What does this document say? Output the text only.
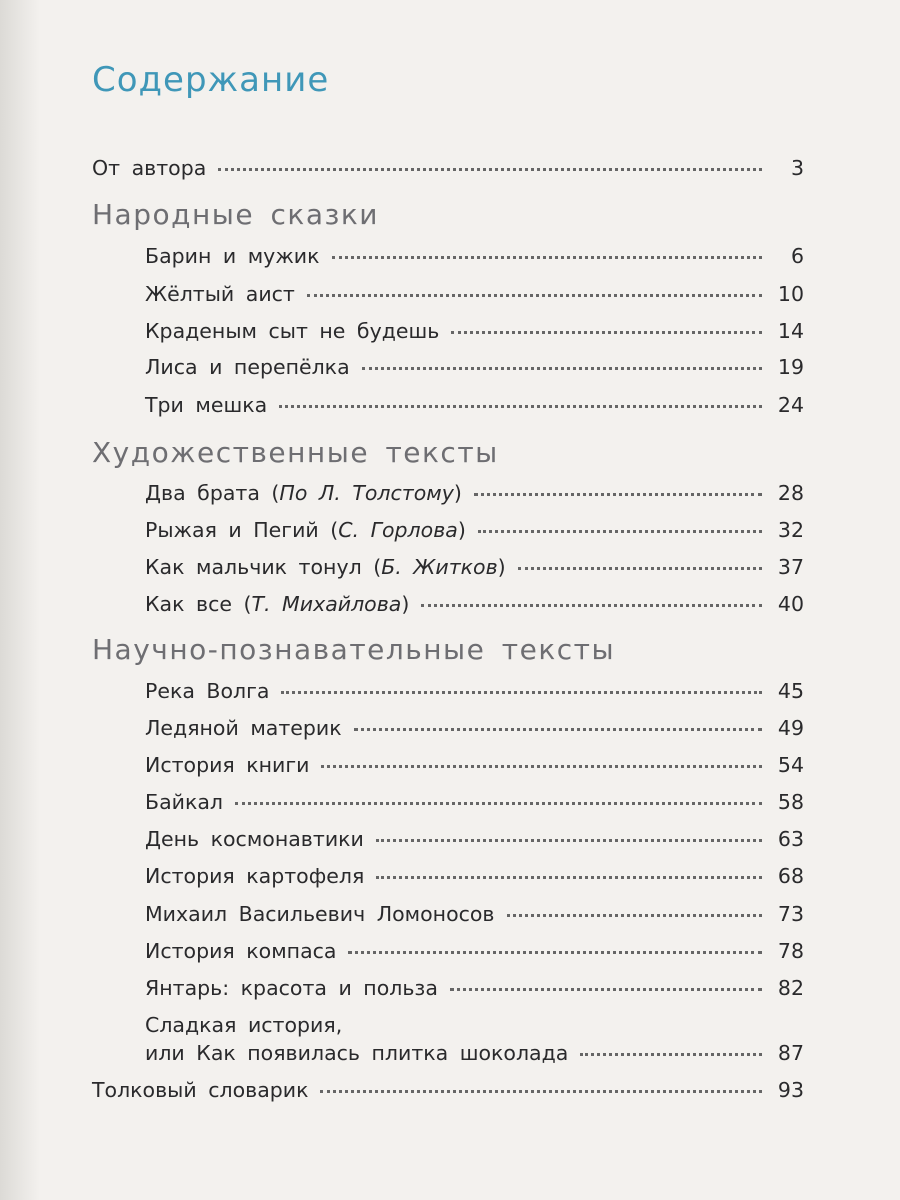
Содержание
От автора	3
Народные сказки
Барин и мужик	6
Жёлтый аист	10
Краденым сыт не будешь	14
Лиса и перепёлка	19
Три мешка	24
Художественные тексты
Два брата (По Л. Толстому)	28
Рыжая и Пегий (С. Горлова)	32
Как мальчик тонул (Б. Житков)	37
Как все (Т. Михайлова)	40
Научно-познавательные тексты
Река Волга	45
Ледяной материк	49
История книги	54
Байкал	58
День космонавтики	63
История картофеля	68
Михаил Васильевич Ломоносов	73
История компаса	78
Янтарь: красота и польза	82
Сладкая история,
или Как появилась плитка шоколада	87
Толковый словарик	93
